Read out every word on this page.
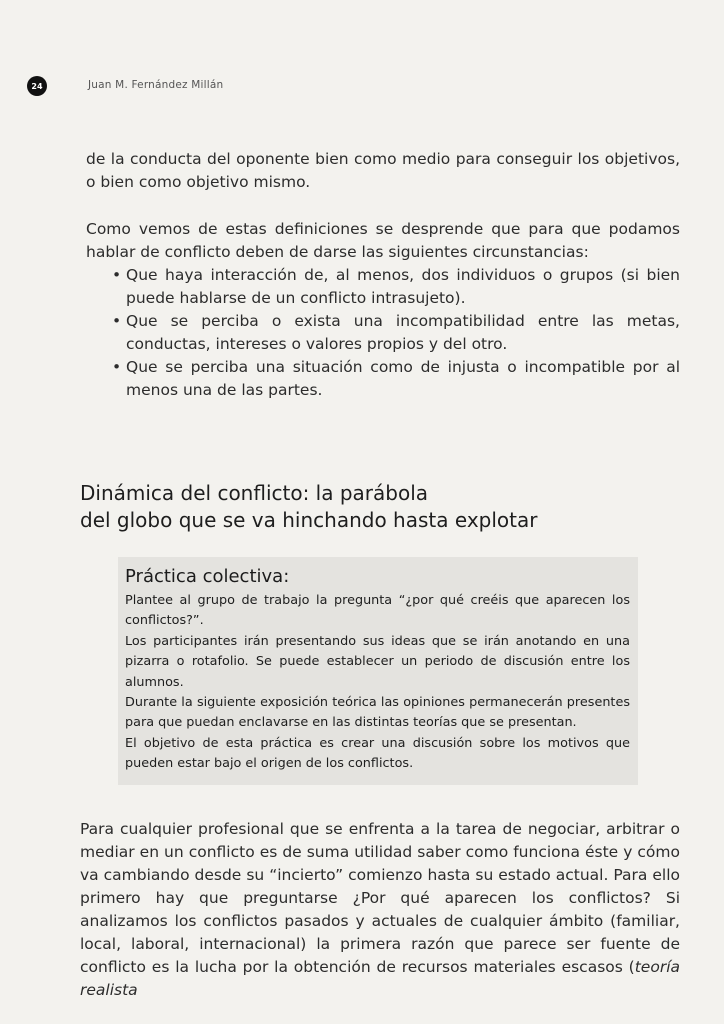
24	Juan M. Fernández Millán

de la conducta del oponente bien como medio para conseguir los objetivos, o bien como objetivo mismo.

Como vemos de estas definiciones se desprende que para que podamos hablar de conflicto deben de darse las siguientes circunstancias:

• Que haya interacción de, al menos, dos individuos o grupos (si bien puede hablarse de un conflicto intrasujeto).
• Que se perciba o exista una incompatibilidad entre las metas, conductas, intereses o valores propios y del otro.
• Que se perciba una situación como de injusta o incompatible por al menos una de las partes.
Dinámica del conflicto: la parábola
del globo que se va hinchando hasta explotar
Práctica colectiva:

Plantee al grupo de trabajo la pregunta “¿por qué creéis que aparecen los conflictos?”.

Los participantes irán presentando sus ideas que se irán anotando en una pizarra o rotafolio. Se puede establecer un periodo de discusión entre los alumnos.

Durante la siguiente exposición teórica las opiniones permanecerán presentes para que puedan enclavarse en las distintas teorías que se presentan.

El objetivo de esta práctica es crear una discusión sobre los motivos que pueden estar bajo el origen de los conflictos.

Para cualquier profesional que se enfrenta a la tarea de negociar, arbitrar o mediar en un conflicto es de suma utilidad saber como funciona éste y cómo va cambiando desde su “incierto” comienzo hasta su estado actual. Para ello primero hay que preguntarse ¿Por qué aparecen los conflictos? Si analizamos los conflictos pasados y actuales de cualquier ámbito (familiar, local, laboral, internacional) la primera razón que parece ser fuente de conflicto es la lucha por la obtención de recursos materiales escasos (teoría realista
